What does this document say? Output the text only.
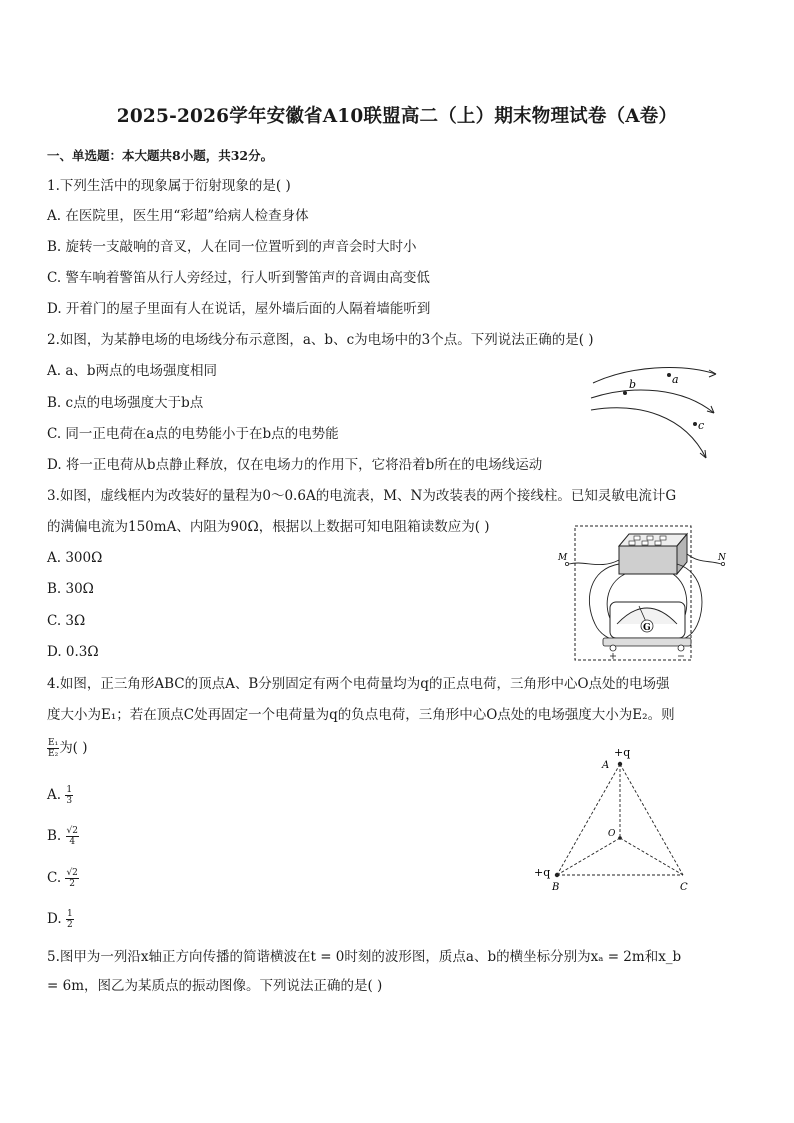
2025-2026学年安徽省A10联盟高二（上）期末物理试卷（A卷）
一、单选题：本大题共8小题，共32分。
1.下列生活中的现象属于衍射现象的是( )
A. 在医院里，医生用“彩超”给病人检查身体
B. 旋转一支敲响的音叉，人在同一位置听到的声音会时大时小
C. 警车响着警笛从行人旁经过，行人听到警笛声的音调由高变低
D. 开着门的屋子里面有人在说话，屋外墙后面的人隔着墙能听到
2.如图，为某静电场的电场线分布示意图，a、b、c为电场中的3个点。下列说法正确的是( )
A. a、b两点的电场强度相同
B. c点的电场强度大于b点
C. 同一正电荷在a点的电势能小于在b点的电势能
D. 将一正电荷从b点静止释放，仅在电场力的作用下，它将沿着b所在的电场线运动
b	a
c
3.如图，虚线框内为改装好的量程为0～0.6A的电流表，M、N为改装表的两个接线柱。已知灵敏电流计G
的满偏电流为150mA、内阻为90Ω，根据以上数据可知电阻箱读数应为( )
A. 300Ω
B. 30Ω
C. 3Ω
D. 0.3Ω
M	N
G
4.如图，正三角形ABC的顶点A、B分别固定有两个电荷量均为q的正点电荷，三角形中心O点处的电场强
度大小为E₁；若在顶点C处再固定一个电荷量为q的负点电荷，三角形中心O点处的电场强度大小为E₂。则
$\frac{\text{E₁}}{\text{E₂}}$ 为( )
A. $\frac{1}{3}$
B. $\frac{√2}{4}$
C. $\frac{√2}{2}$
D. $\frac{1}{2}$
+q
A
O
+q
B	C
5.图甲为一列沿x轴正方向传播的简谐横波在t = 0时刻的波形图，质点a、b的横坐标分别为xₐ = 2m和x_b
= 6m，图乙为某质点的振动图像。下列说法正确的是( )
